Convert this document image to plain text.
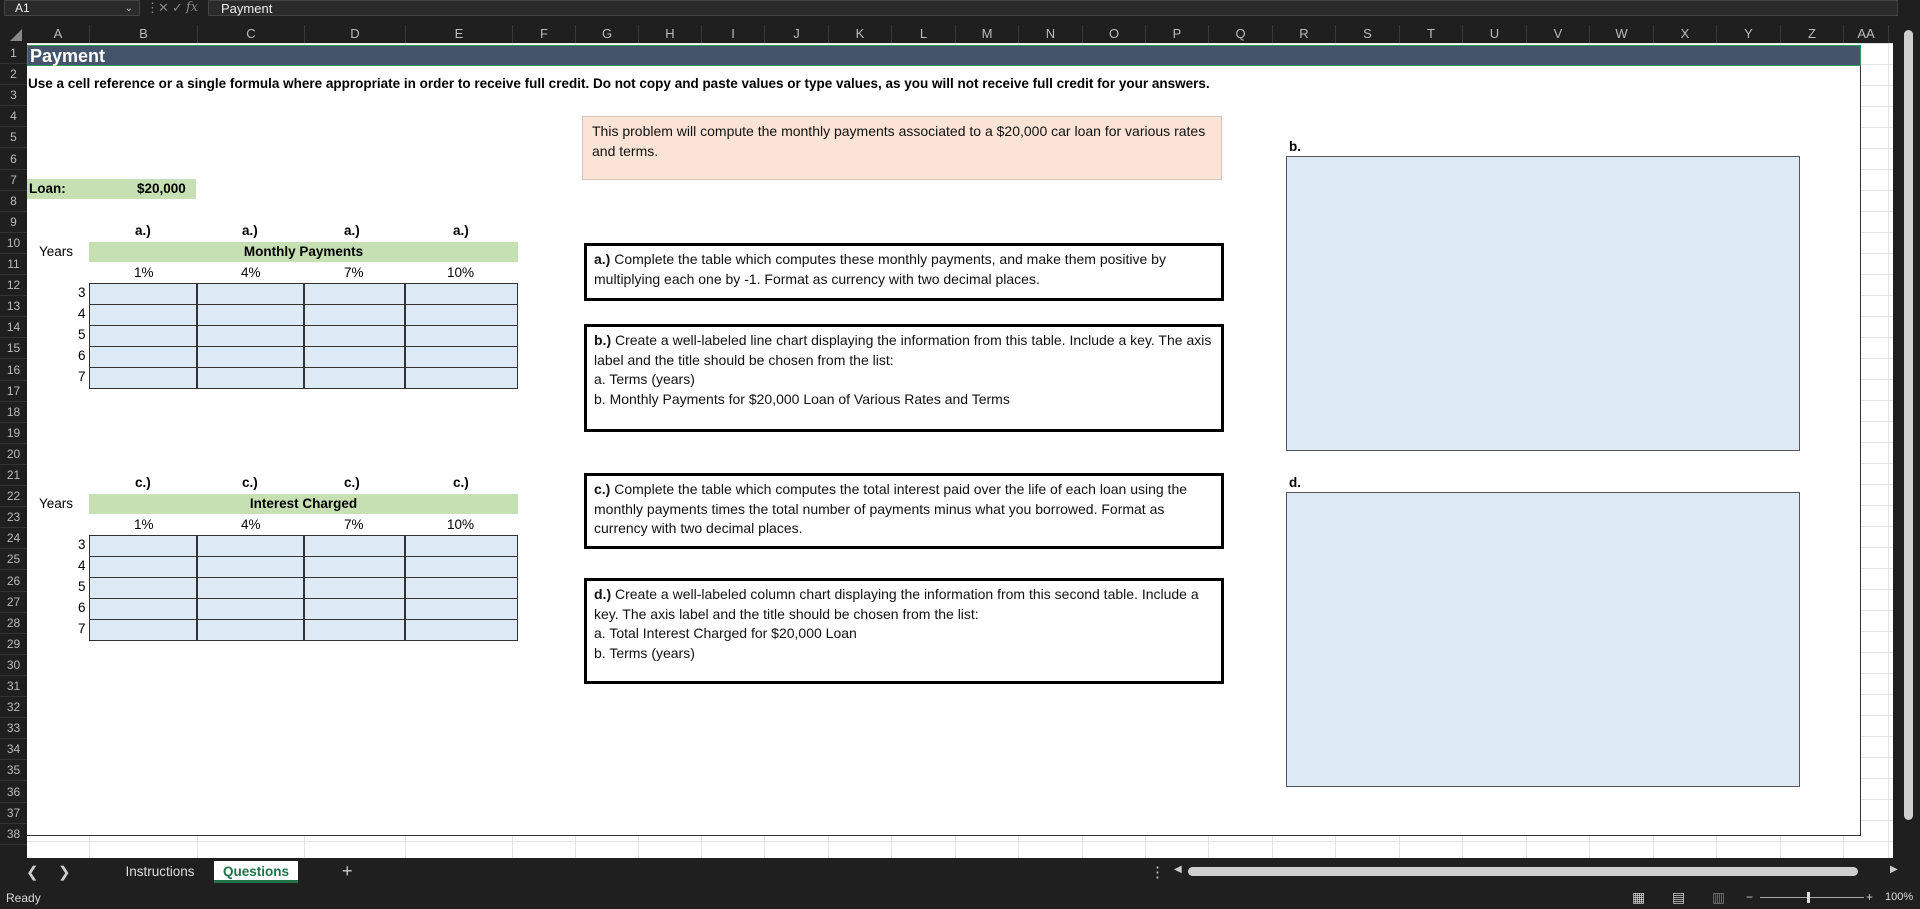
A1	⌄ ⋮ ✕ ✓ fx	Payment
A	B	C	D	E	F	G	H	I	J	K	L	M	N	O	P	Q	R	S	T	U	V	W	X	Y	Z	AA
1
2
3
4
5
6
7
8
9
10
11
12
13
14
15
16
17
18
19
20
21
22
23
24
25
26
27
28
29
30
31
32
33
34
35
36
37
38
Payment
Use a cell reference or a single formula where appropriate in order to receive full credit. Do not copy and paste values or type values, as you will not receive full credit for your answers.
This problem will compute the monthly payments associated to a $20,000 car loan for various rates and terms.
Loan:	$20,000
a.)	a.)	a.)	a.)
Years	Monthly Payments
1%	4%	7%	10%
3
4
5
6
7
c.)	c.)	c.)	c.)
Years	Interest Charged
1%	4%	7%	10%
3
4
5
6
7
a.) Complete the table which computes these monthly payments, and make them positive by multiplying each one by -1. Format as currency with two decimal places.
b.) Create a well-labeled line chart displaying the information from this table. Include a key. The axis label and the title should be chosen from the list:
a. Terms (years)
b. Monthly Payments for $20,000 Loan of Various Rates and Terms
c.) Complete the table which computes the total interest paid over the life of each loan using the monthly payments times the total number of payments minus what you borrowed. Format as currency with two decimal places.
d.) Create a well-labeled column chart displaying the information from this second table. Include a key. The axis label and the title should be chosen from the list:
a. Total Interest Charged for $20,000 Loan
b. Terms (years)
b.
d.
❮ ❯	Instructions	Questions	+	⋮ ◀	▶
Ready	▦ ▤ ▥ −	+ 100%
